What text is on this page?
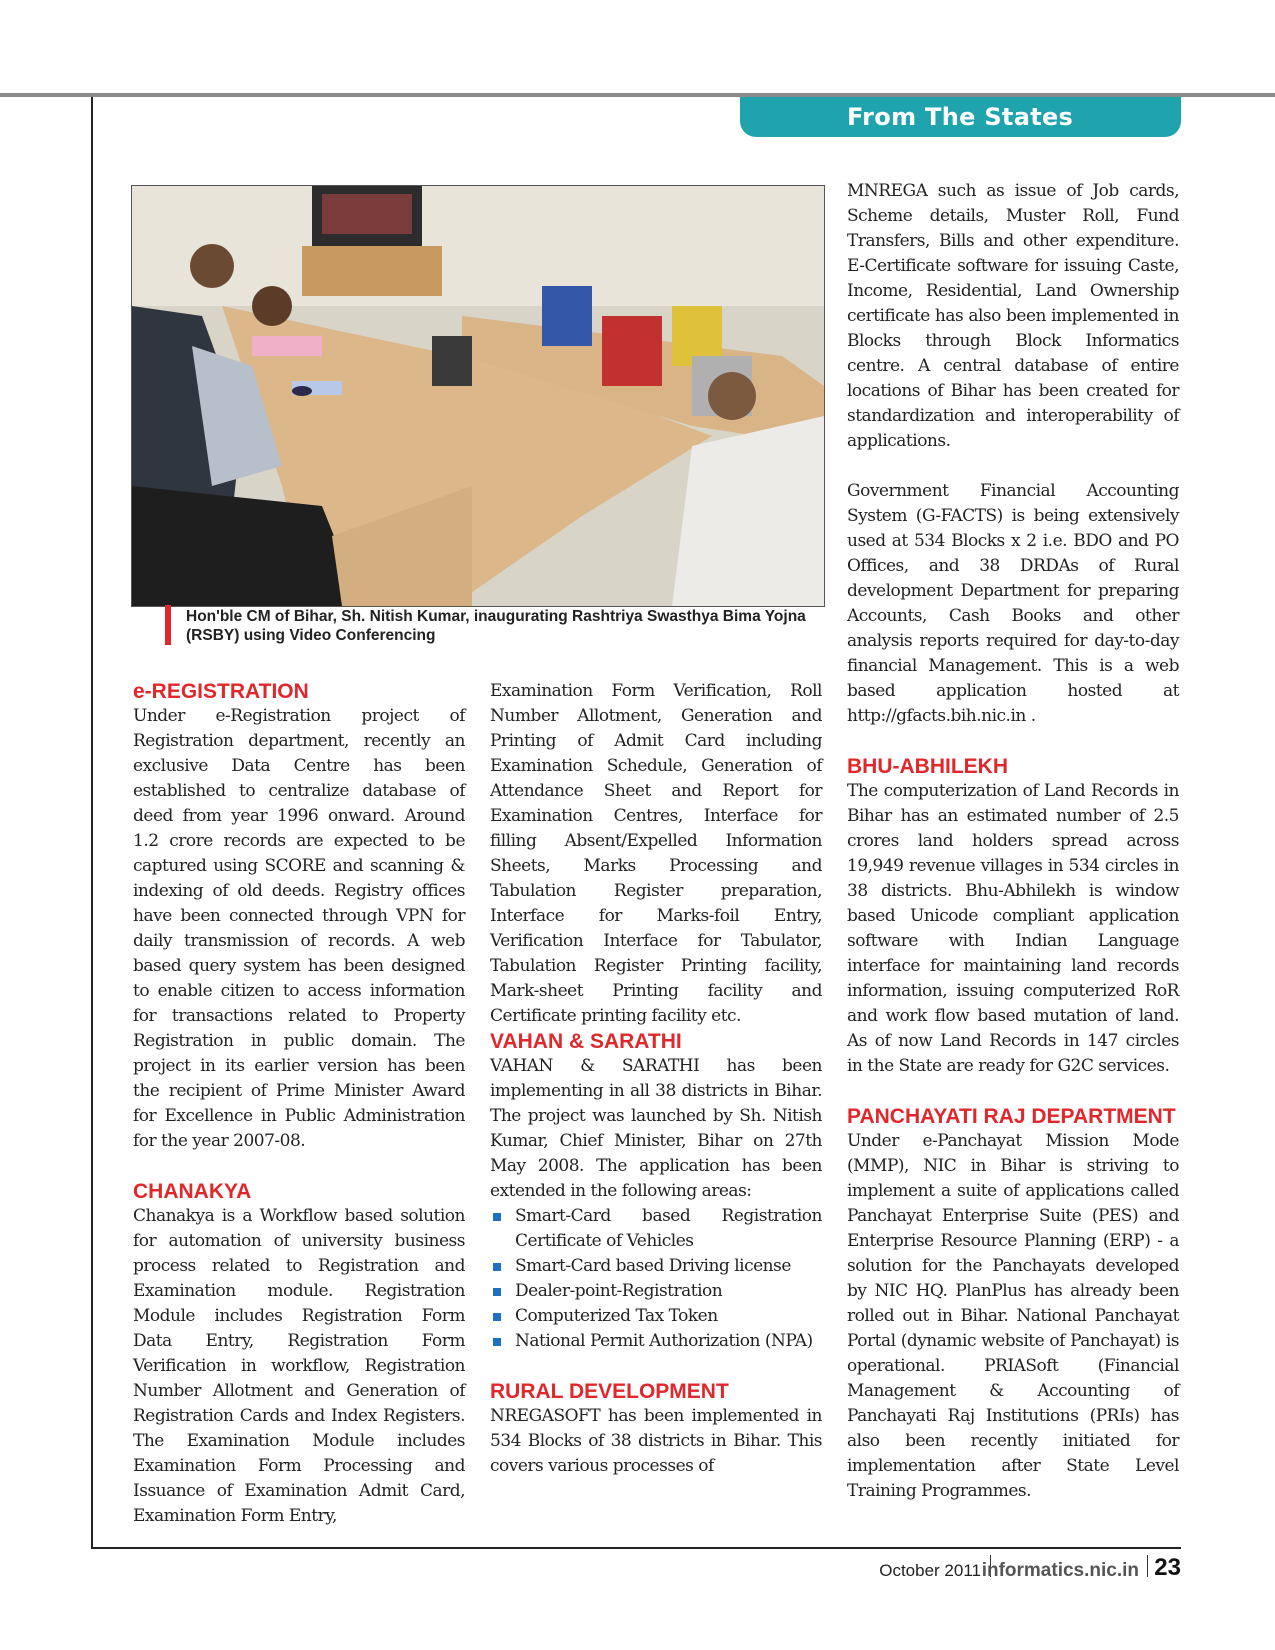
From The States
Hon'ble CM of Bihar, Sh. Nitish Kumar, inaugurating Rashtriya Swasthya Bima Yojna (RSBY) using Video Conferencing
e-REGISTRATION

Under e-Registration project of Registration department, recently an exclusive Data Centre has been established to centralize database of deed from year 1996 onward. Around 1.2 crore records are expected to be captured using SCORE and scanning & indexing of old deeds. Registry offices have been connected through VPN for daily transmission of records. A web based query system has been designed to enable citizen to access information for transactions related to Property Registration in public domain. The project in its earlier version has been the recipient of Prime Minister Award for Excellence in Public Administration for the year 2007-08.

CHANAKYA

Chanakya is a Workflow based solution for automation of university business process related to Registration and Examination module. Registration Module includes Registration Form Data Entry, Registration Form Verification in workflow, Registration Number Allotment and Generation of Registration Cards and Index Registers. The Examination Module includes Examination Form Processing and Issuance of Examination Admit Card, Examination Form Entry,

Examination Form Verification, Roll Number Allotment, Generation and Printing of Admit Card including Examination Schedule, Generation of Attendance Sheet and Report for Examination Centres, Interface for filling Absent/Expelled Information Sheets, Marks Processing and Tabulation Register preparation, Interface for Marks-foil Entry, Verification Interface for Tabulator, Tabulation Register Printing facility, Mark-sheet Printing facility and Certificate printing facility etc.

VAHAN & SARATHI

VAHAN & SARATHI has been implementing in all 38 districts in Bihar. The project was launched by Sh. Nitish Kumar, Chief Minister, Bihar on 27th May 2008. The application has been extended in the following areas:

Smart-Card based Registration Certificate of Vehicles
Smart-Card based Driving license
Dealer-point-Registration
Computerized Tax Token
National Permit Authorization (NPA)
RURAL DEVELOPMENT

NREGASOFT has been implemented in 534 Blocks of 38 districts in Bihar. This covers various processes of

MNREGA such as issue of Job cards, Scheme details, Muster Roll, Fund Transfers, Bills and other expenditure. E-Certificate software for issuing Caste, Income, Residential, Land Ownership certificate has also been implemented in Blocks through Block Informatics centre. A central database of entire locations of Bihar has been created for standardization and interoperability of applications.

Government Financial Accounting System (G-FACTS) is being extensively used at 534 Blocks x 2 i.e. BDO and PO Offices, and 38 DRDAs of Rural development Department for preparing Accounts, Cash Books and other analysis reports required for day-to-day financial Management. This is a web based application hosted at http://gfacts.bih.nic.in .

BHU-ABHILEKH

The computerization of Land Records in Bihar has an estimated number of 2.5 crores land holders spread across 19,949 revenue villages in 534 circles in 38 districts. Bhu-Abhilekh is window based Unicode compliant application software with Indian Language interface for maintaining land records information, issuing computerized RoR and work flow based mutation of land. As of now Land Records in 147 circles in the State are ready for G2C services.

PANCHAYATI RAJ DEPARTMENT

Under e-Panchayat Mission Mode (MMP), NIC in Bihar is striving to implement a suite of applications called Panchayat Enterprise Suite (PES) and Enterprise Resource Planning (ERP) - a solution for the Panchayats developed by NIC HQ. PlanPlus has already been rolled out in Bihar. National Panchayat Portal (dynamic website of Panchayat) is operational. PRIASoft (Financial Management & Accounting of Panchayati Raj Institutions (PRIs) has also been recently initiated for implementation after State Level Training Programmes.

October 2011 informatics.nic.in 23
